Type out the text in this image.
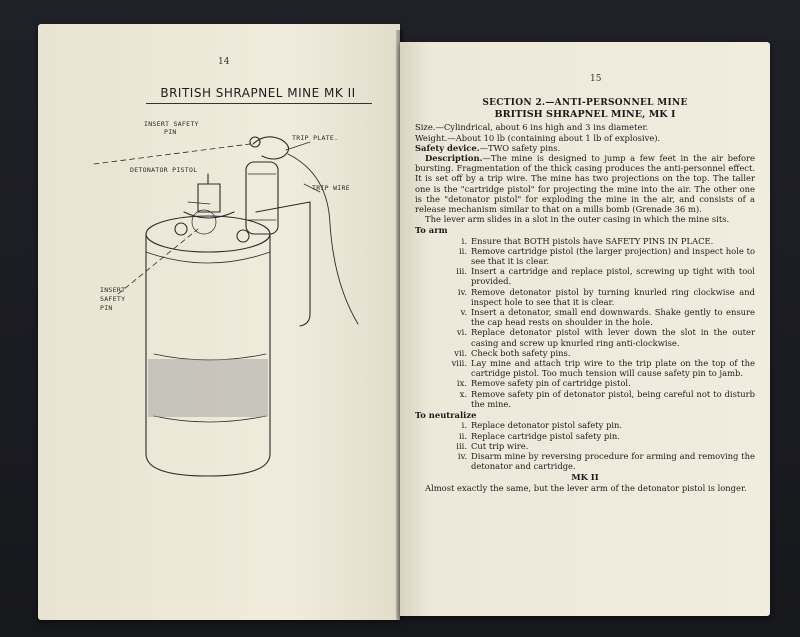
14
BRITISH SHRAPNEL MINE MK II
INSERT SAFETY
PIN
TRIP PLATE.
DETONATOR PISTOL
TRIP WIRE
INSERT
SAFETY
PIN
15
SECTION 2.—ANTI-PERSONNEL MINE
BRITISH SHRAPNEL MINE, MK I

Size.—Cylindrical, about 6 ins high and 3 ins diameter.

Weight.—About 10 lb (containing about 1 lb of explosive).

Safety device.—TWO safety pins.

Description.—The mine is designed to jump a few feet in the air before bursting. Fragmentation of the thick casing produces the anti-personnel effect. It is set off by a trip wire. The mine has two projections on the top. The taller one is the "cartridge pistol" for projecting the mine into the air. The other one is the "detonator pistol" for exploding the mine in the air, and consists of a release mechanism similar to that on a mills bomb (Grenade 36 m).

The lever arm slides in a slot in the outer casing in which the mine sits.

To arm
i. Ensure that BOTH pistols have SAFETY PINS IN PLACE.
ii. Remove cartridge pistol (the larger projection) and inspect hole to see that it is clear.
iii. Insert a cartridge and replace pistol, screwing up tight with tool provided.
iv. Remove detonator pistol by turning knurled ring clockwise and inspect hole to see that it is clear.
v. Insert a detonator, small end downwards. Shake gently to ensure the cap head rests on shoulder in the hole.
vi. Replace detonator pistol with lever down the slot in the outer casing and screw up knurled ring anti-clockwise.
vii. Check both safety pins.
viii. Lay mine and attach trip wire to the trip plate on the top of the cartridge pistol. Too much tension will cause safety pin to jamb.
ix. Remove safety pin of cartridge pistol.
x. Remove safety pin of detonator pistol, being careful not to disturb the mine.
To neutralize
i. Replace detonator pistol safety pin.
ii. Replace cartridge pistol safety pin.
iii. Cut trip wire.
iv. Disarm mine by reversing procedure for arming and removing the detonator and cartridge.
MK II

Almost exactly the same, but the lever arm of the detonator pistol is longer.
